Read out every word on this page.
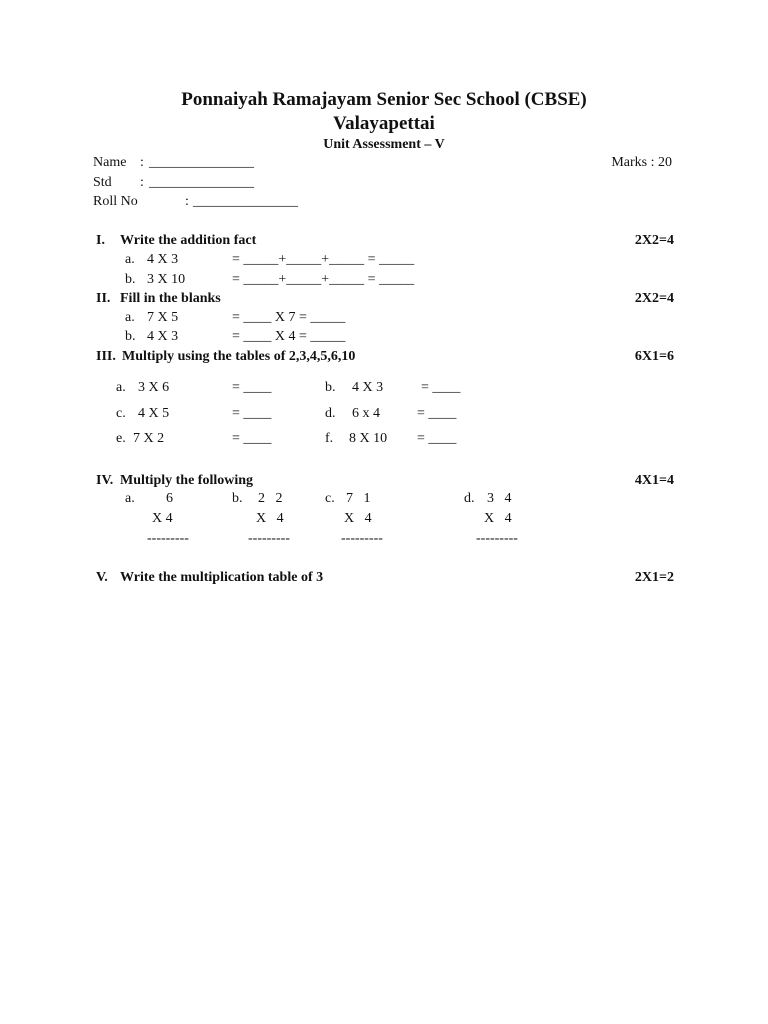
Ponnaiyah Ramajayam Senior Sec School (CBSE)
Valayapettai
Unit Assessment – V
Name : _______________	Marks : 20
Std : _______________
Roll No	: _______________
I. Write the addition fact	2X2=4
a. 4 X 3	= _____+_____+_____ = _____
b. 3 X 10	= _____+_____+_____ = _____
II. Fill in the blanks	2X2=4
a. 7 X 5	= ____ X 7 = _____
b. 4 X 3	= ____ X 4 = _____
III. Multiply using the tables of 2,3,4,5,6,10	6X1=6
a. 3 X 6	= ____	b. 4 X 3	= ____
c. 4 X 5	= ____	d. 6 x 4	= ____
e. 7 X 2	= ____	f. 8 X 10 = ____
IV. Multiply the following	4X1=4
a. 6
X 4
---------
b. 2   2
X   4
---------
c. 7   1
X   4
---------
d. 3   4
X   4
---------
V. Write the multiplication table of 3	2X1=2
